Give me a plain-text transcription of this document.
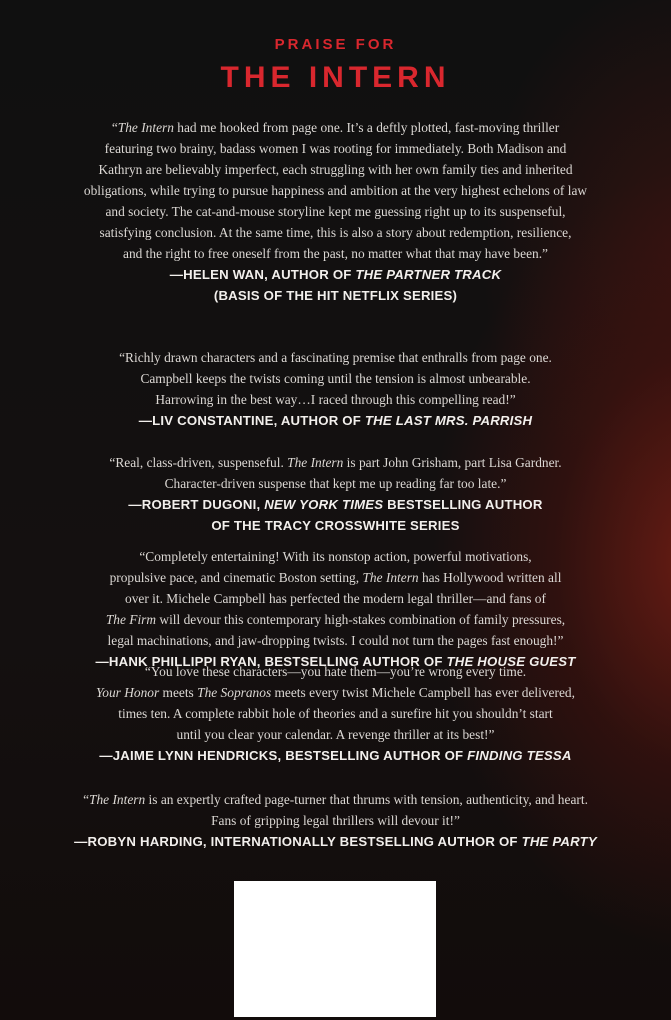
PRAISE FOR
THE INTERN
“The Intern had me hooked from page one. It’s a deftly plotted, fast-moving thriller
featuring two brainy, badass women I was rooting for immediately. Both Madison and
Kathryn are believably imperfect, each struggling with her own family ties and inherited
obligations, while trying to pursue happiness and ambition at the very highest echelons of law
and society. The cat-and-mouse storyline kept me guessing right up to its suspenseful,
satisfying conclusion. At the same time, this is also a story about redemption, resilience,
and the right to free oneself from the past, no matter what that may have been.”
—HELEN WAN, AUTHOR OF THE PARTNER TRACK
(BASIS OF THE HIT NETFLIX SERIES)
“Richly drawn characters and a fascinating premise that enthralls from page one.
Campbell keeps the twists coming until the tension is almost unbearable.
Harrowing in the best way…I raced through this compelling read!”
—LIV CONSTANTINE, AUTHOR OF THE LAST MRS. PARRISH
“Real, class-driven, suspenseful. The Intern is part John Grisham, part Lisa Gardner.
Character-driven suspense that kept me up reading far too late.”
—ROBERT DUGONI, NEW YORK TIMES BESTSELLING AUTHOR
OF THE TRACY CROSSWHITE SERIES
“Completely entertaining! With its nonstop action, powerful motivations,
propulsive pace, and cinematic Boston setting, The Intern has Hollywood written all
over it. Michele Campbell has perfected the modern legal thriller—and fans of
The Firm will devour this contemporary high-stakes combination of family pressures,
legal machinations, and jaw-dropping twists. I could not turn the pages fast enough!”
—HANK PHILLIPPI RYAN, BESTSELLING AUTHOR OF THE HOUSE GUEST
“You love these characters—you hate them—you’re wrong every time.
Your Honor meets The Sopranos meets every twist Michele Campbell has ever delivered,
times ten. A complete rabbit hole of theories and a surefire hit you shouldn’t start
until you clear your calendar. A revenge thriller at its best!”
—JAIME LYNN HENDRICKS, BESTSELLING AUTHOR OF FINDING TESSA
“The Intern is an expertly crafted page-turner that thrums with tension, authenticity, and heart.
Fans of gripping legal thrillers will devour it!”
—ROBYN HARDING, INTERNATIONALLY BESTSELLING AUTHOR OF THE PARTY
